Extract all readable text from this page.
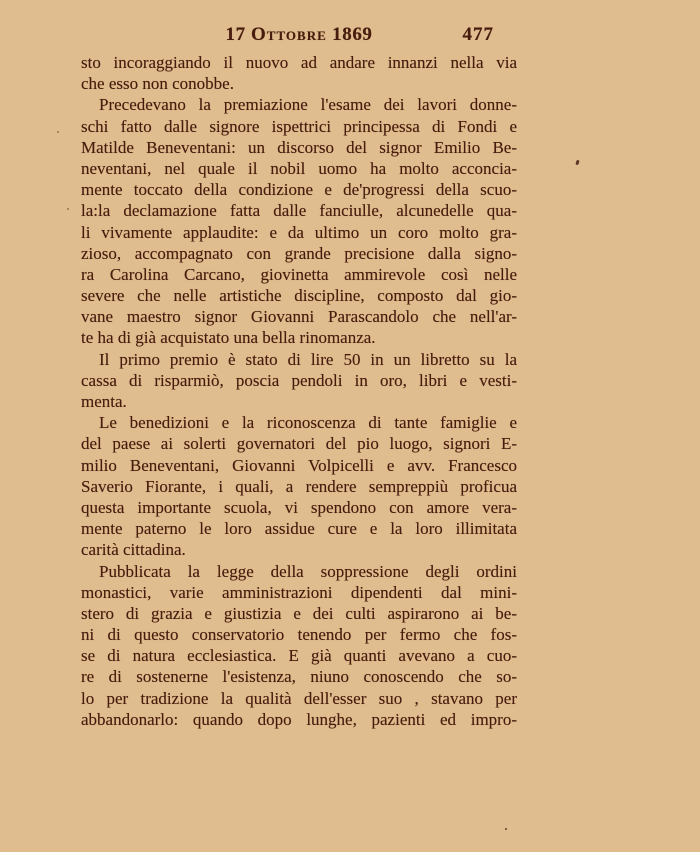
17 Ottobre 1869	477
sto incoraggiando il nuovo ad andare innanzi nella via
che esso non conobbe.
Precedevano la premiazione l'esame dei lavori donne-
schi fatto dalle signore ispettrici principessa di Fondi e
Matilde Beneventani: un discorso del signor Emilio Be-
neventani, nel quale il nobil uomo ha molto acconcia-
mente toccato della condizione e de'progressi della scuo-
la:la declamazione fatta dalle fanciulle, alcunedelle qua-
li vivamente applaudite: e da ultimo un coro molto gra-
zioso, accompagnato con grande precisione dalla signo-
ra Carolina Carcano, giovinetta ammirevole così nelle
severe che nelle artistiche discipline, composto dal gio-
vane maestro signor Giovanni Parascandolo che nell'ar-
te ha di già acquistato una bella rinomanza.
Il primo premio è stato di lire 50 in un libretto su la
cassa di risparmiò, poscia pendoli in oro, libri e vesti-
menta.
Le benedizioni e la riconoscenza di tante famiglie e
del paese ai solerti governatori del pio luogo, signori E-
milio Beneventani, Giovanni Volpicelli e avv. Francesco
Saverio Fiorante, i quali, a rendere sempreppiù proficua
questa importante scuola, vi spendono con amore vera-
mente paterno le loro assidue cure e la loro illimitata
carità cittadina.
Pubblicata la legge della soppressione degli ordini
monastici, varie amministrazioni dipendenti dal mini-
stero di grazia e giustizia e dei culti aspirarono ai be-
ni di questo conservatorio tenendo per fermo che fos-
se di natura ecclesiastica. E già quanti avevano a cuo-
re di sostenerne l'esistenza, niuno conoscendo che so-
lo per tradizione la qualità dell'esser suo , stavano per
abbandonarlo: quando dopo lunghe, pazienti ed impro-
